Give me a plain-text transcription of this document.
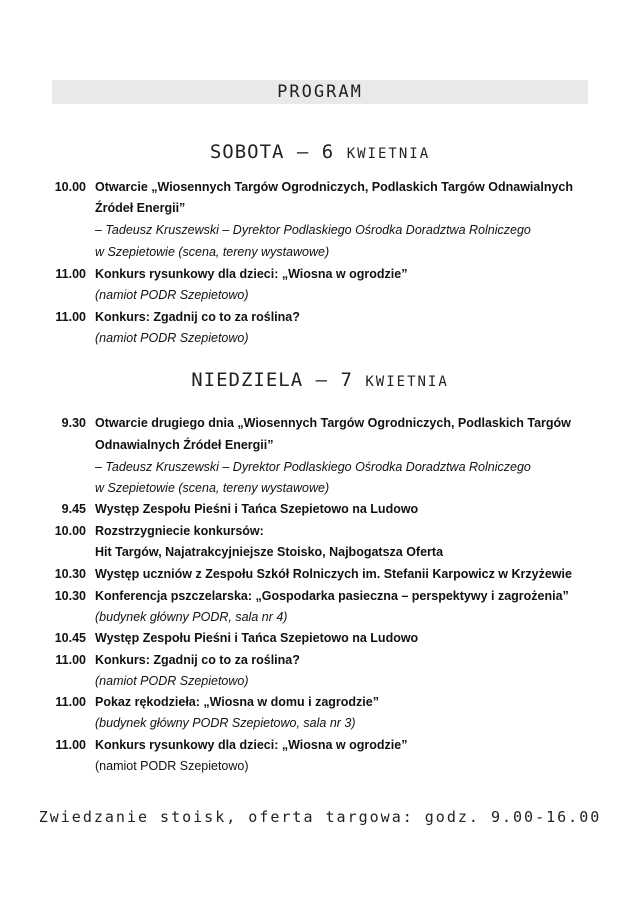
PROGRAM
SOBOTA – 6 KWIETNIA
10.00 Otwarcie „Wiosennych Targów Ogrodniczych, Podlaskich Targów Odnawialnych
Źródeł Energii”
– Tadeusz Kruszewski – Dyrektor Podlaskiego Ośrodka Doradztwa Rolniczego
w Szepietowie (scena, tereny wystawowe)
11.00 Konkurs rysunkowy dla dzieci: „Wiosna w ogrodzie”
(namiot PODR Szepietowo)
11.00 Konkurs: Zgadnij co to za roślina?
(namiot PODR Szepietowo)
NIEDZIELA – 7 KWIETNIA
9.30 Otwarcie drugiego dnia „Wiosennych Targów Ogrodniczych, Podlaskich Targów
Odnawialnych Źródeł Energii”
– Tadeusz Kruszewski – Dyrektor Podlaskiego Ośrodka Doradztwa Rolniczego
w Szepietowie (scena, tereny wystawowe)
9.45 Występ Zespołu Pieśni i Tańca Szepietowo na Ludowo
10.00 Rozstrzygniecie konkursów:
Hit Targów, Najatrakcyjniejsze Stoisko, Najbogatsza Oferta
10.30 Występ uczniów z Zespołu Szkół Rolniczych im. Stefanii Karpowicz w Krzyżewie
10.30 Konferencja pszczelarska: „Gospodarka pasieczna – perspektywy i zagrożenia”
(budynek główny PODR, sala nr 4)
10.45 Występ Zespołu Pieśni i Tańca Szepietowo na Ludowo
11.00 Konkurs: Zgadnij co to za roślina?
(namiot PODR Szepietowo)
11.00 Pokaz rękodzieła: „Wiosna w domu i zagrodzie”
(budynek główny PODR Szepietowo, sala nr 3)
11.00 Konkurs rysunkowy dla dzieci: „Wiosna w ogrodzie”
(namiot PODR Szepietowo)
Zwiedzanie stoisk, oferta targowa: godz. 9.00-16.00
